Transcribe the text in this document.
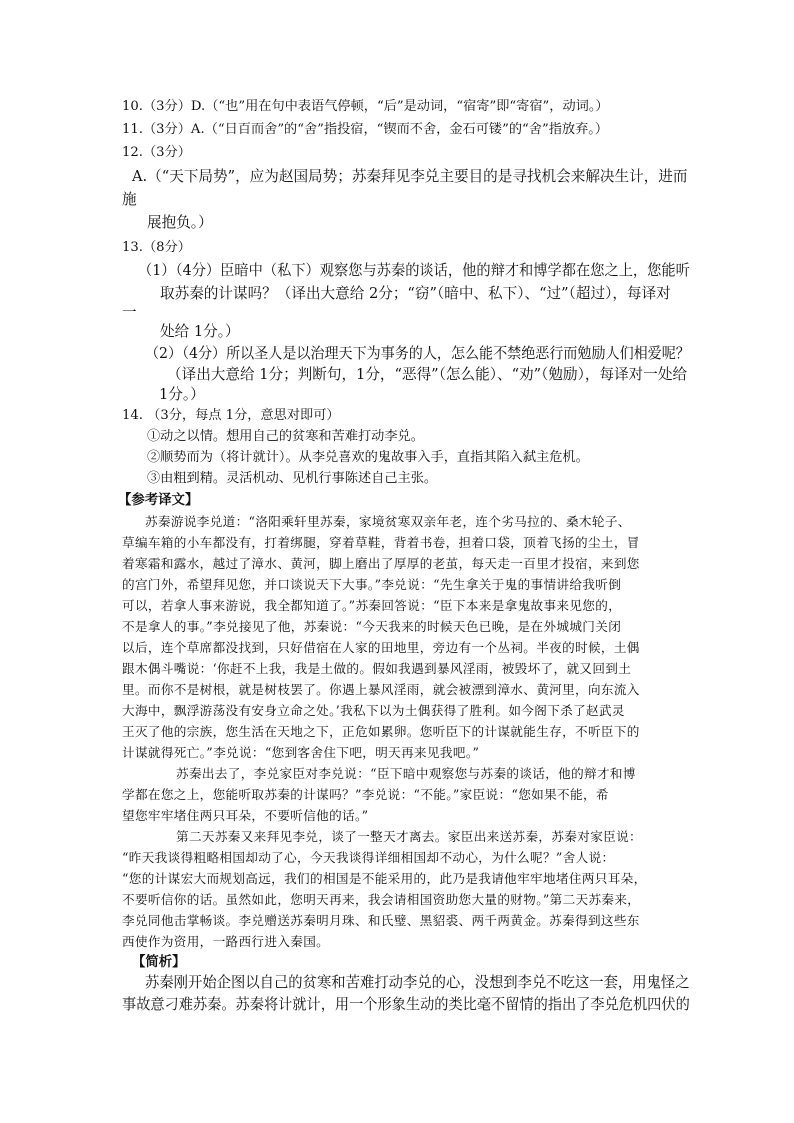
10.（3分）D.（“也”用在句中表语气停顿，“后”是动词，“宿寄”即“寄宿”，动词。）
11.（3分）A.（“日百而舍”的“舍”指投宿，“锲而不舍，金石可镂”的“舍”指放弃。）
12.（3分）
A.（“天下局势”，应为赵国局势；苏秦拜见李兑主要目的是寻找机会来解决生计，进而
施
展抱负。）
13.（8分）
（1）（4分）臣暗中（私下）观察您与苏秦的谈话，他的辩才和博学都在您之上，您能听
取苏秦的计谋吗？（译出大意给 2分；“窃”（暗中、私下）、“过”（超过），每译对
一
处给 1分。）
（2）（4分）所以圣人是以治理天下为事务的人，怎么能不禁绝恶行而勉励人们相爱呢？
（译出大意给 1分；判断句，1分，“恶得”（怎么能）、“劝”（勉励），每译对一处给
1分。）
14. （3分，每点 1分，意思对即可）
①动之以情。想用自己的贫寒和苦难打动李兑。
②顺势而为（将计就计）。从李兑喜欢的鬼故事入手，直指其陷入弑主危机。
③由粗到精。灵活机动、见机行事陈述自己主张。
【参考译文】
苏秦游说李兑道：“洛阳乘轩里苏秦，家境贫寒双亲年老，连个劣马拉的、桑木轮子、
草编车箱的小车都没有，打着绑腿，穿着草鞋，背着书卷，担着口袋，顶着飞扬的尘土，冒
着寒霜和露水，越过了漳水、黄河，脚上磨出了厚厚的老茧，每天走一百里才投宿，来到您
的宫门外，希望拜见您，并口谈说天下大事。”李兑说：“先生拿关于鬼的事情讲给我听倒
可以，若拿人事来游说，我全都知道了。”苏秦回答说：“臣下本来是拿鬼故事来见您的，
不是拿人的事。”李兑接见了他，苏秦说：“今天我来的时候天色已晚，是在外城城门关闭
以后，连个草席都没找到，只好借宿在人家的田地里，旁边有一个丛祠。半夜的时候，土偶
跟木偶斗嘴说：‘你赶不上我，我是土做的。假如我遇到暴风淫雨，被毁坏了，就又回到土
里。而你不是树根，就是树枝罢了。你遇上暴风淫雨，就会被漂到漳水、黄河里，向东流入
大海中，飘浮游荡没有安身立命之处。’我私下以为土偶获得了胜利。如今阁下杀了赵武灵
王灭了他的宗族，您生活在天地之下，正危如累卵。您听臣下的计谋就能生存，不听臣下的
计谋就得死亡。”李兑说：“您到客舍住下吧，明天再来见我吧。”
苏秦出去了，李兑家臣对李兑说：“臣下暗中观察您与苏秦的谈话，他的辩才和博
学都在您之上，您能听取苏秦的计谋吗？”李兑说：“不能。”家臣说：“您如果不能，希
望您牢牢堵住两只耳朵，不要听信他的话。”
第二天苏秦又来拜见李兑，谈了一整天才离去。家臣出来送苏秦，苏秦对家臣说：
“昨天我谈得粗略相国却动了心，今天我谈得详细相国却不动心，为什么呢？”舍人说：
“您的计谋宏大而规划高远，我们的相国是不能采用的，此乃是我请他牢牢地堵住两只耳朵，
不要听信你的话。虽然如此，您明天再来，我会请相国资助您大量的财物。”第二天苏秦来，
李兑同他击掌畅谈。李兑赠送苏秦明月珠、和氏璧、黑貂裘、两千两黄金。苏秦得到这些东
西使作为资用，一路西行进入秦国。
【简析】
苏秦刚开始企图以自己的贫寒和苦难打动李兑的心，没想到李兑不吃这一套，用鬼怪之
事故意刁难苏秦。苏秦将计就计，用一个形象生动的类比毫不留情的指出了李兑危机四伏的
